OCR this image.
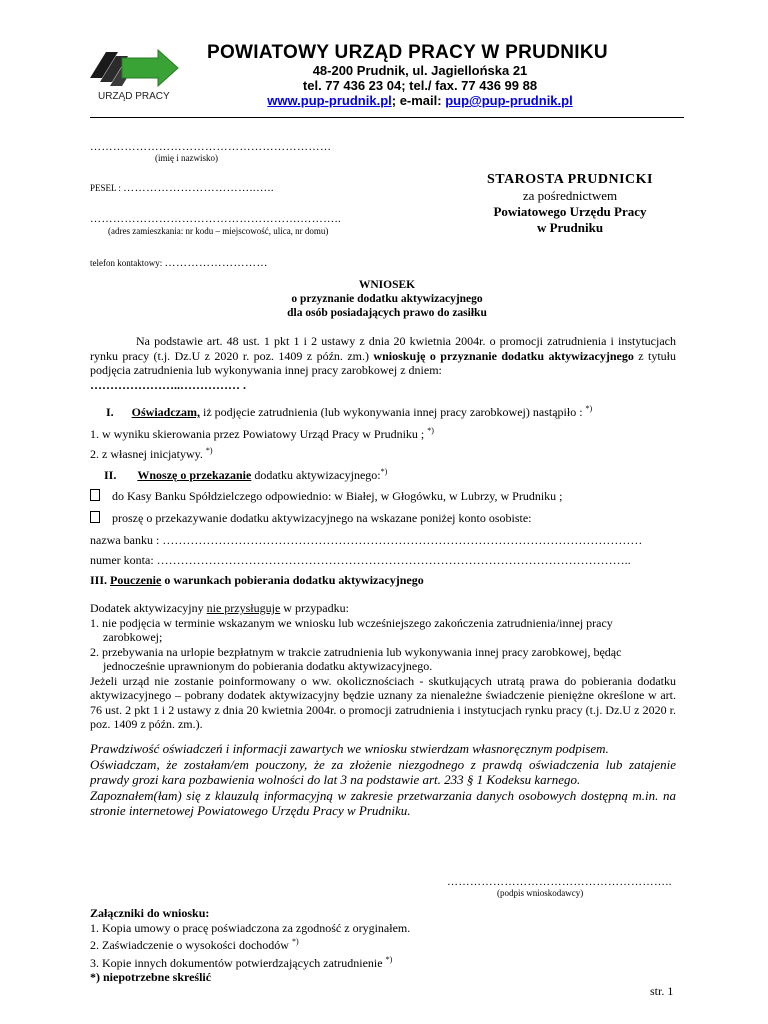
URZĄD PRACY
POWIATOWY URZĄD PRACY W PRUDNIKU
48-200 Prudnik, ul. Jagiellońska 21
tel. 77 436 23 04; tel./ fax. 77 436 99 88
www.pup-prudnik.pl; e-mail: pup@pup-prudnik.pl
………………………………………………………
(imię i nazwisko)
PESEL : ……………………………..…..
……………………………………………….………..
(adres zamieszkania: nr kodu – miejscowość, ulica, nr domu)
telefon kontaktowy: ………………………
STAROSTA PRUDNICKI
za pośrednictwem
Powiatowego Urzędu Pracy
w Prudniku
WNIOSEK
o przyznanie dodatku aktywizacyjnego
dla osób posiadających prawo do zasiłku
Na podstawie art. 48 ust. 1 pkt 1 i 2 ustawy z dnia 20 kwietnia 2004r. o promocji zatrudnienia i instytucjach rynku pracy (t.j. Dz.U z 2020 r. poz. 1409 z późn. zm.) wnioskuję o przyznanie dodatku aktywizacyjnego z tytułu podjęcia zatrudnienia lub wykonywania innej pracy zarobkowej z dniem:
…………………..…………… .
I. Oświadczam, iż podjęcie zatrudnienia (lub wykonywania innej pracy zarobkowej) nastąpiło : *)
1. w wyniku skierowania przez Powiatowy Urząd Pracy w Prudniku ; *)
2. z własnej inicjatywy. *)
II. Wnoszę o przekazanie dodatku aktywizacyjnego:*)
do Kasy Banku Spółdzielczego odpowiednio: w Białej, w Głogówku, w Lubrzy, w Prudniku ;
proszę o przekazywanie dodatku aktywizacyjnego na wskazane poniżej konto osobiste:
nazwa banku : …………………………………………………………………………………………………………
numer konta: ………………………………………………………………………………………………………..
III. Pouczenie o warunkach pobierania dodatku aktywizacyjnego
Dodatek aktywizacyjny nie przysługuje w przypadku:
1. nie podjęcia w terminie wskazanym we wniosku lub wcześniejszego zakończenia zatrudnienia/innej pracy
zarobkowej;
2. przebywania na urlopie bezpłatnym w trakcie zatrudnienia lub wykonywania innej pracy zarobkowej, będąc
jednocześnie uprawnionym do pobierania dodatku aktywizacyjnego.
Jeżeli urząd nie zostanie poinformowany o ww. okolicznościach - skutkujących utratą prawa do pobierania dodatku aktywizacyjnego – pobrany dodatek aktywizacyjny będzie uznany za nienależne świadczenie pieniężne określone w art. 76 ust. 2 pkt 1 i 2 ustawy z dnia 20 kwietnia 2004r. o promocji zatrudnienia i instytucjach rynku pracy (t.j. Dz.U z 2020 r. poz. 1409 z późn. zm.).
Prawdziwość oświadczeń i informacji zawartych we wniosku stwierdzam własnoręcznym podpisem.
Oświadczam, że zostałam/em pouczony, że za złożenie niezgodnego z prawdą oświadczenia lub zatajenie prawdy grozi kara pozbawienia wolności do lat 3 na podstawie art. 233 § 1 Kodeksu karnego.
Zapoznałem(łam) się z klauzulą informacyjną w zakresie przetwarzania danych osobowych dostępną m.in. na stronie internetowej Powiatowego Urzędu Pracy w Prudniku.
…………………………………………………..
(podpis wnioskodawcy)
Załączniki do wniosku:
1. Kopia umowy o pracę poświadczona za zgodność z oryginałem.
2. Zaświadczenie o wysokości dochodów *)
3. Kopie innych dokumentów potwierdzających zatrudnienie *)
*) niepotrzebne skreślić
str. 1
